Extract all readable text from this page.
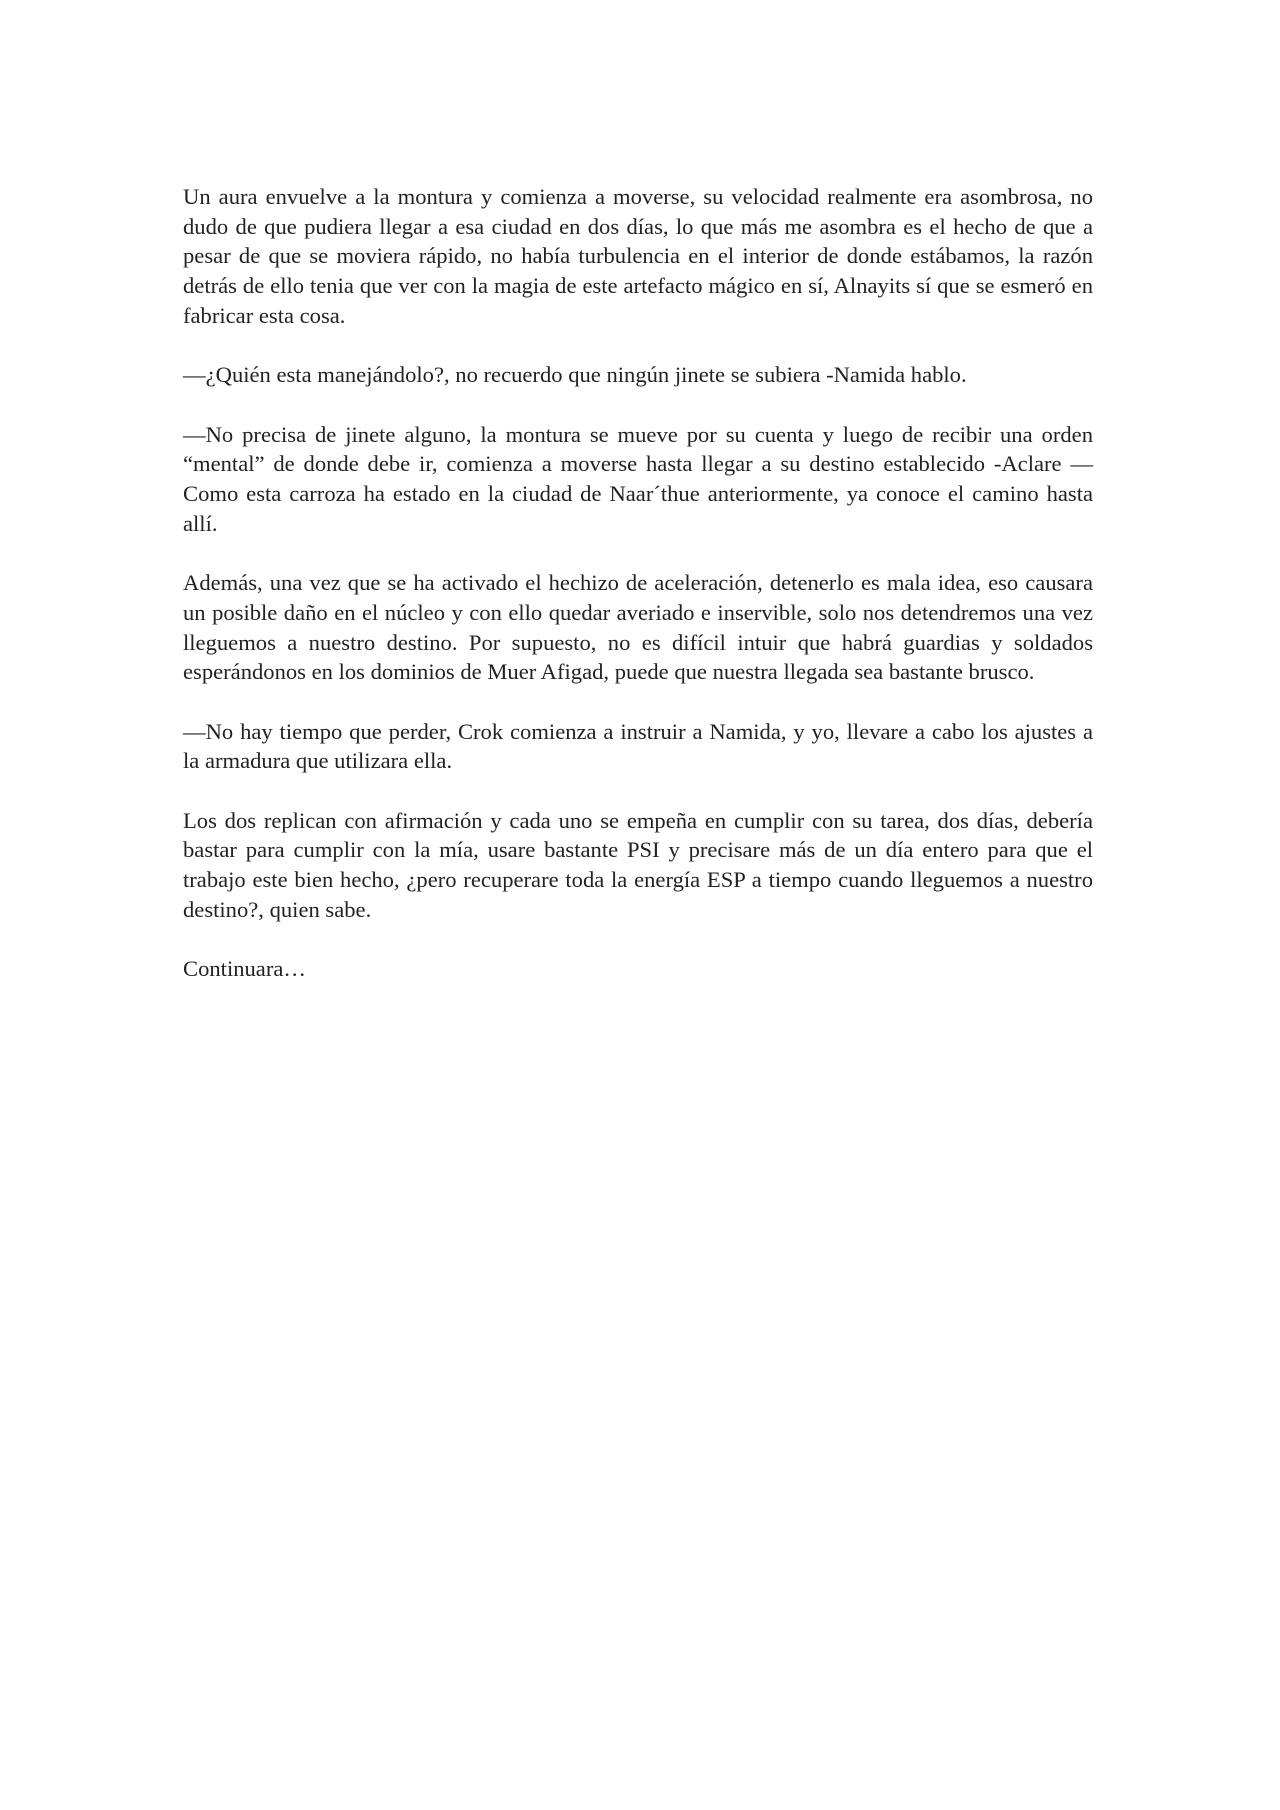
Un aura envuelve a la montura y comienza a moverse, su velocidad realmente era asombrosa, no dudo de que pudiera llegar a esa ciudad en dos días, lo que más me asombra es el hecho de que a pesar de que se moviera rápido, no había turbulencia en el interior de donde estábamos, la razón detrás de ello tenia que ver con la magia de este artefacto mágico en sí, Alnayits sí que se esmeró en fabricar esta cosa.

—¿Quién esta manejándolo?, no recuerdo que ningún jinete se subiera -Namida hablo.

—No precisa de jinete alguno, la montura se mueve por su cuenta y luego de recibir una orden “mental” de donde debe ir, comienza a moverse hasta llegar a su destino establecido -Aclare —Como esta carroza ha estado en la ciudad de Naar´thue anteriormente, ya conoce el camino hasta allí.

Además, una vez que se ha activado el hechizo de aceleración, detenerlo es mala idea, eso causara un posible daño en el núcleo y con ello quedar averiado e inservible, solo nos detendremos una vez lleguemos a nuestro destino. Por supuesto, no es difícil intuir que habrá guardias y soldados esperándonos en los dominios de Muer Afigad, puede que nuestra llegada sea bastante brusco.

—No hay tiempo que perder, Crok comienza a instruir a Namida, y yo, llevare a cabo los ajustes a la armadura que utilizara ella.

Los dos replican con afirmación y cada uno se empeña en cumplir con su tarea, dos días, debería bastar para cumplir con la mía, usare bastante PSI y precisare más de un día entero para que el trabajo este bien hecho, ¿pero recuperare toda la energía ESP a tiempo cuando lleguemos a nuestro destino?, quien sabe.

Continuara…
